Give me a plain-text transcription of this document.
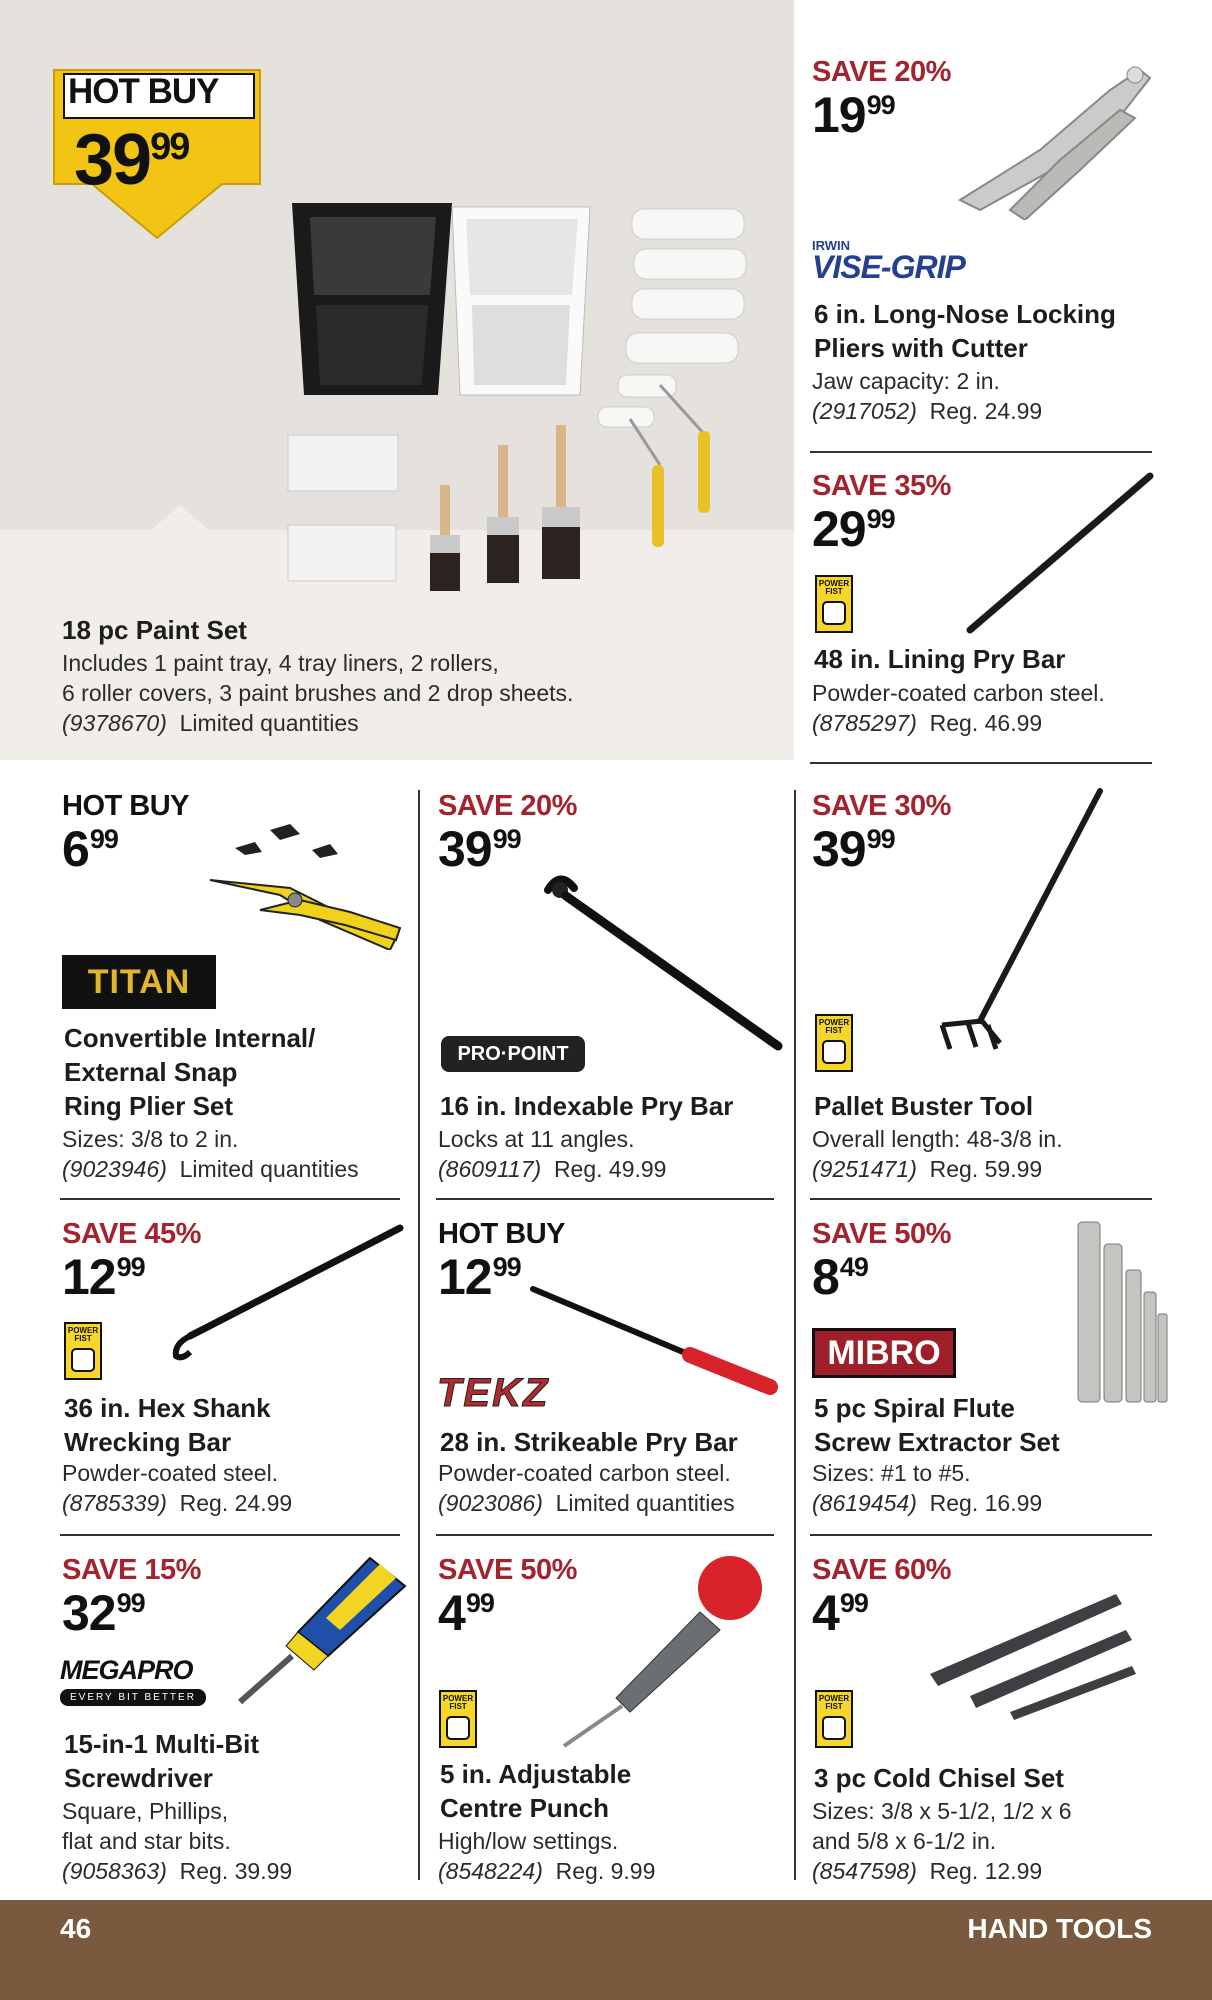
HOT BUY
$39^{99}$
18 pc Paint Set
Includes 1 paint tray, 4 tray liners, 2 rollers,
6 roller covers, 3 paint brushes and 2 drop sheets.
(9378670) Limited quantities
SAVE 20%
$19^{99}$
IRWIN
VISE-GRIP
6 in. Long-Nose Locking
Pliers with Cutter
Jaw capacity: 2 in.
(2917052) Reg. 24.99
SAVE 35%
$29^{99}$
POWER FIST
48 in. Lining Pry Bar
Powder-coated carbon steel.
(8785297) Reg. 46.99
HOT BUY
$6^{99}$
TITAN
Convertible Internal/
External Snap
Ring Plier Set
Sizes: 3/8 to 2 in.
(9023946) Limited quantities
SAVE 20%
$39^{99}$
PRO·POINT
16 in. Indexable Pry Bar
Locks at 11 angles.
(8609117) Reg. 49.99
SAVE 30%
$39^{99}$
POWER FIST
Pallet Buster Tool
Overall length: 48-3/8 in.
(9251471) Reg. 59.99
SAVE 45%
$12^{99}$
POWER FIST
36 in. Hex Shank
Wrecking Bar
Powder-coated steel.
(8785339) Reg. 24.99
HOT BUY
$12^{99}$
TEKZ
28 in. Strikeable Pry Bar
Powder-coated carbon steel.
(9023086) Limited quantities
SAVE 50%
$8^{49}$
MIBRO
5 pc Spiral Flute
Screw Extractor Set
Sizes: #1 to #5.
(8619454) Reg. 16.99
SAVE 15%
$32^{99}$
MEGAPRO
EVERY BIT BETTER
15-in-1 Multi-Bit
Screwdriver
Square, Phillips,
flat and star bits.
(9058363) Reg. 39.99
SAVE 50%
$4^{99}$
POWER FIST
5 in. Adjustable
Centre Punch
High/low settings.
(8548224) Reg. 9.99
SAVE 60%
$4^{99}$
POWER FIST
3 pc Cold Chisel Set
Sizes: 3/8 x 5-1/2, 1/2 x 6
and 5/8 x 6-1/2 in.
(8547598) Reg. 12.99
46	HAND TOOLS
